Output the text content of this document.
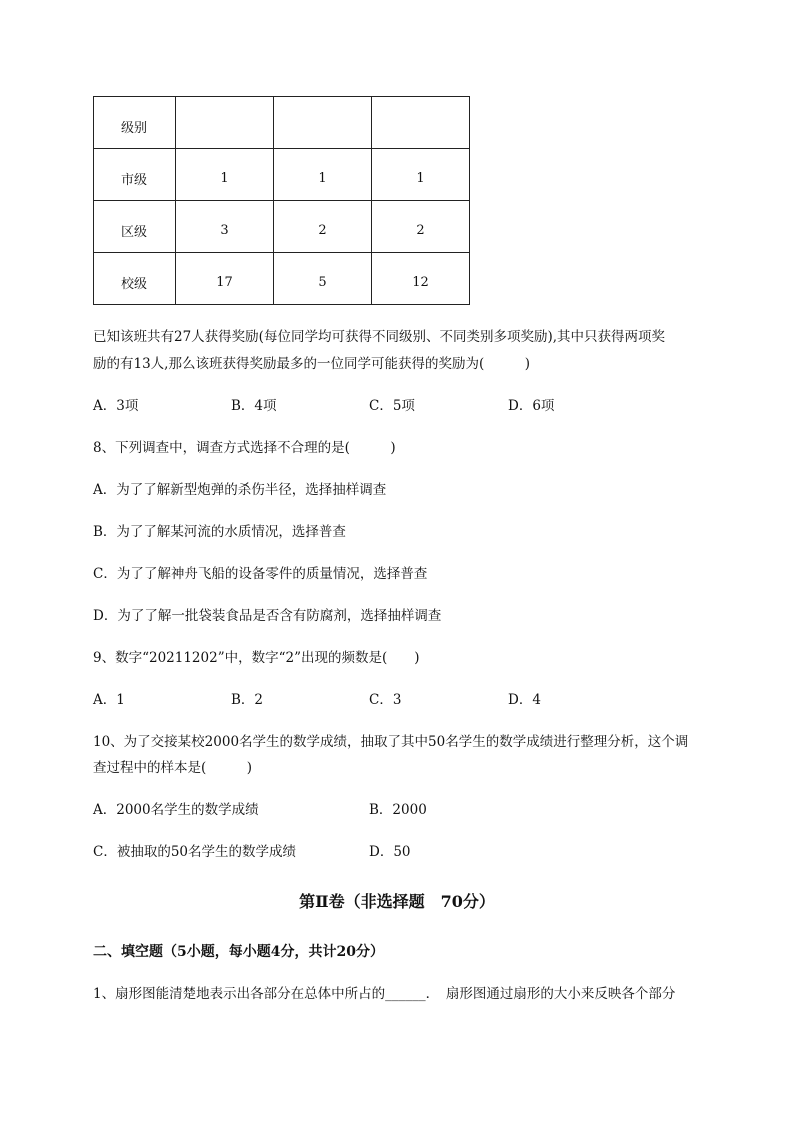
级别			
市级	1	1	1
区级	3	2	2
校级	17	5	12
已知该班共有27人获得奖励(每位同学均可获得不同级别、不同类别多项奖励),其中只获得两项奖
励的有13人,那么该班获得奖励最多的一位同学可能获得的奖励为(　　　)
A．3项	B．4项	C．5项	D．6项
8、下列调查中，调查方式选择不合理的是(　　　)
A．为了了解新型炮弹的杀伤半径，选择抽样调查
B．为了了解某河流的水质情况，选择普查
C．为了了解神舟飞船的设备零件的质量情况，选择普查
D．为了了解一批袋装食品是否含有防腐剂，选择抽样调查
9、数字“20211202”中，数字“2”出现的频数是(　　)
A．1	B．2	C．3	D．4
10、为了交接某校2000名学生的数学成绩，抽取了其中50名学生的数学成绩进行整理分析，这个调
查过程中的样本是(　　　)
A．2000名学生的数学成绩	B．2000
C．被抽取的50名学生的数学成绩	D．50
第Ⅱ卷（非选择题　70分）
二、填空题（5小题，每小题4分，共计20分）
1、扇形图能清楚地表示出各部分在总体中所占的______．　扇形图通过扇形的大小来反映各个部分
